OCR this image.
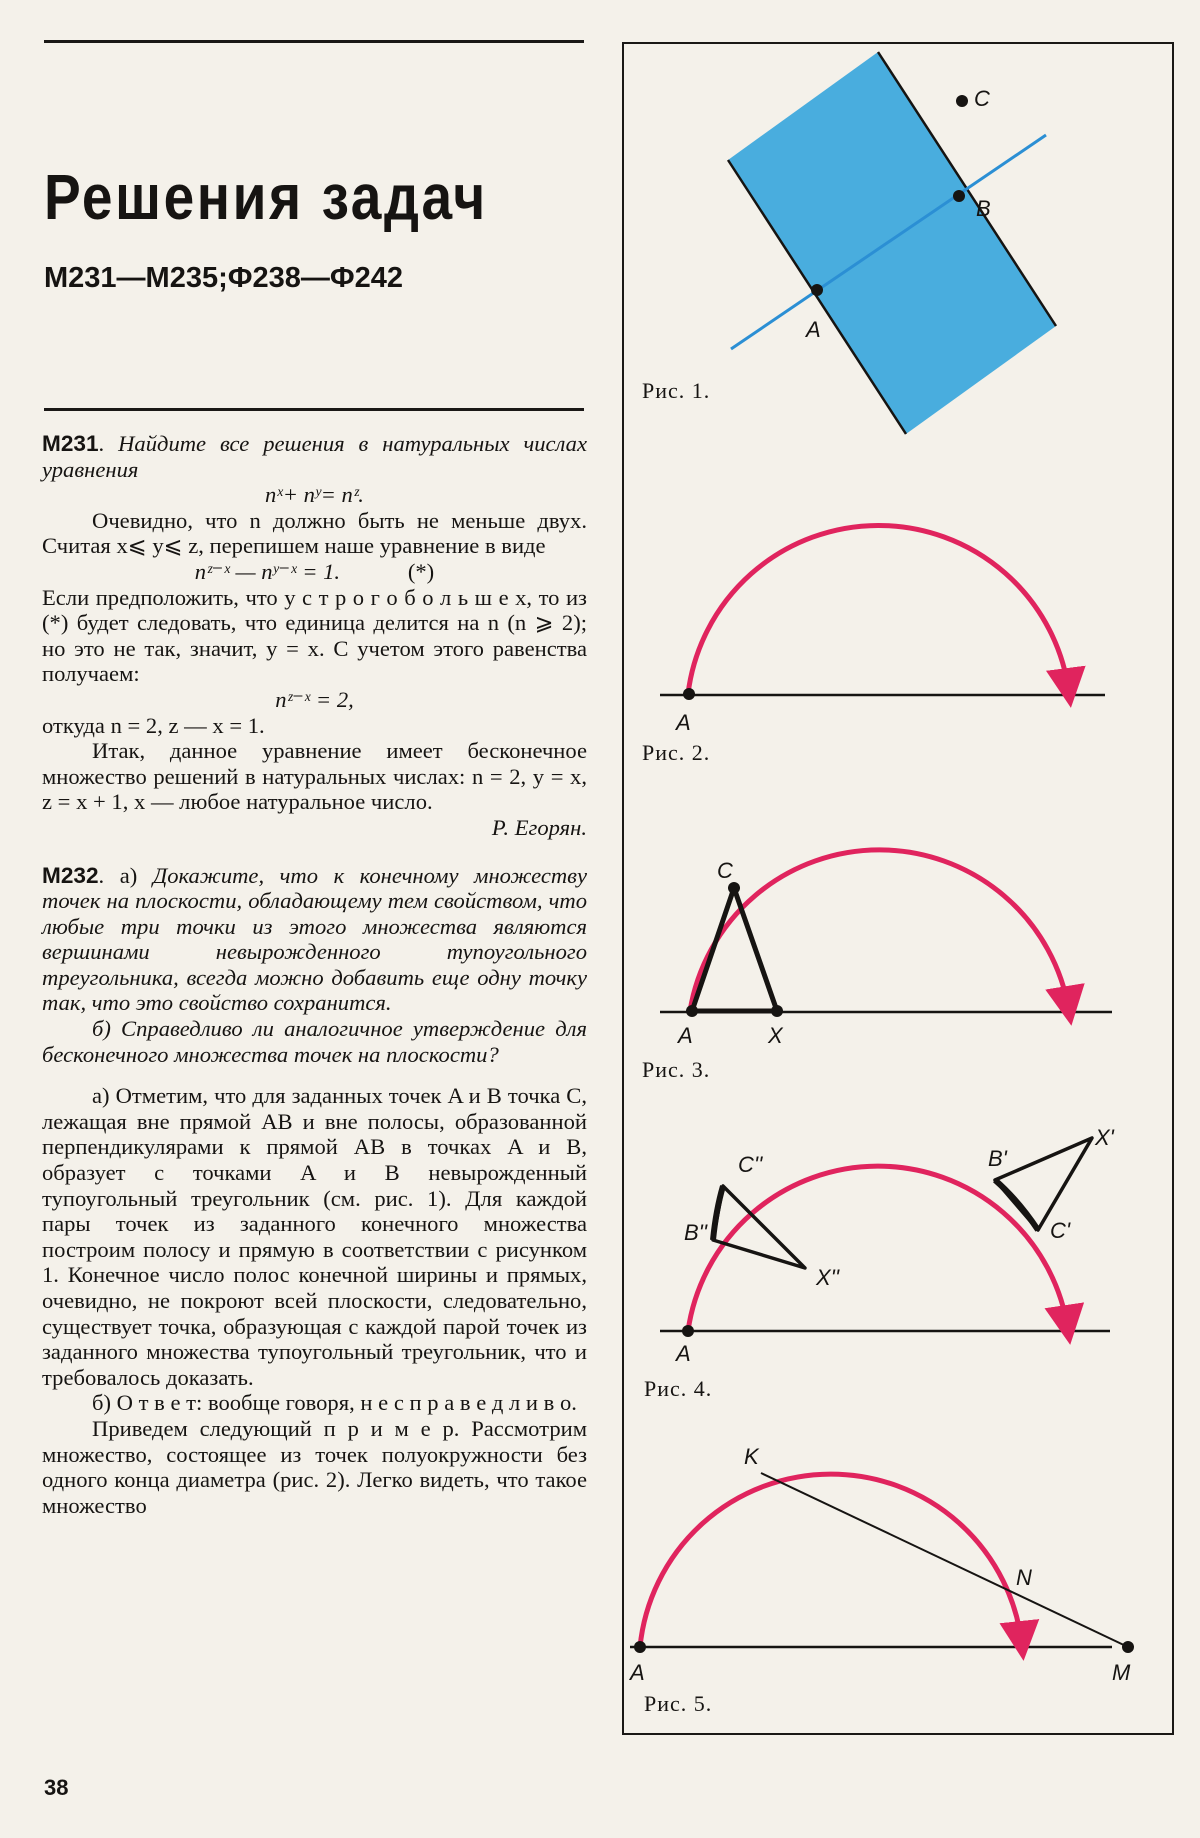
Решения задач
М231—М235;Ф238—Ф242

М231. Найдите все решения в натуральных числах уравнения

nˣ+ nʸ= nᶻ.

Очевидно, что n должно быть не меньше двух. Считая x⩽ y⩽ z, перепишем наше уравнение в виде

nᶻ⁻ˣ — nʸ⁻ˣ = 1.	(*)

Если предположить, что y с т р о г о б о л ь ш е x, то из (*) будет следовать, что единица делится на n (n ⩾ 2); но это не так, значит, y = x. С учетом этого равенства получаем:

nᶻ⁻ˣ = 2,

откуда n = 2, z — x = 1.

Итак, данное уравнение имеет бесконечное множество решений в натуральных числах: n = 2, y = x, z = x + 1, x — любое натуральное число.

Р. Егорян.

М232. а) Докажите, что к конечному множеству точек на плоскости, обладающему тем свойством, что любые три точки из этого множества являются вершинами невырожденного тупоугольного треугольника, всегда можно добавить еще одну точку так, что это свойство сохранится.

б) Справедливо ли аналогичное утверждение для бесконечного множества точек на плоскости?

а) Отметим, что для заданных точек A и B точка C, лежащая вне прямой AB и вне полосы, образованной перпендикулярами к прямой AB в точках A и B, образует с точками A и B невырожденный тупоугольный треугольник (см. рис. 1). Для каждой пары точек из заданного конечного множества построим полосу и прямую в соответствии с рисунком 1. Конечное число полос конечной ширины и прямых, очевидно, не покроют всей плоскости, следовательно, существует точка, образующая с каждой парой точек из заданного множества тупоугольный треугольник, что и требовалось доказать.

б) О т в е т: вообще говоря, н е с п р а в е д л и в о.

Приведем следующий п р и м е р. Рассмотрим множество, состоящее из точек полуокружности без одного конца диаметра (рис. 2). Легко видеть, что такое множество

38
C
B
A
Рис. 1.
A
Рис. 2.
C
A	X
Рис. 3.
C''	B'
X'
B''	C'
X''
A
Рис. 4.
K
N
A	M
Рис. 5.
